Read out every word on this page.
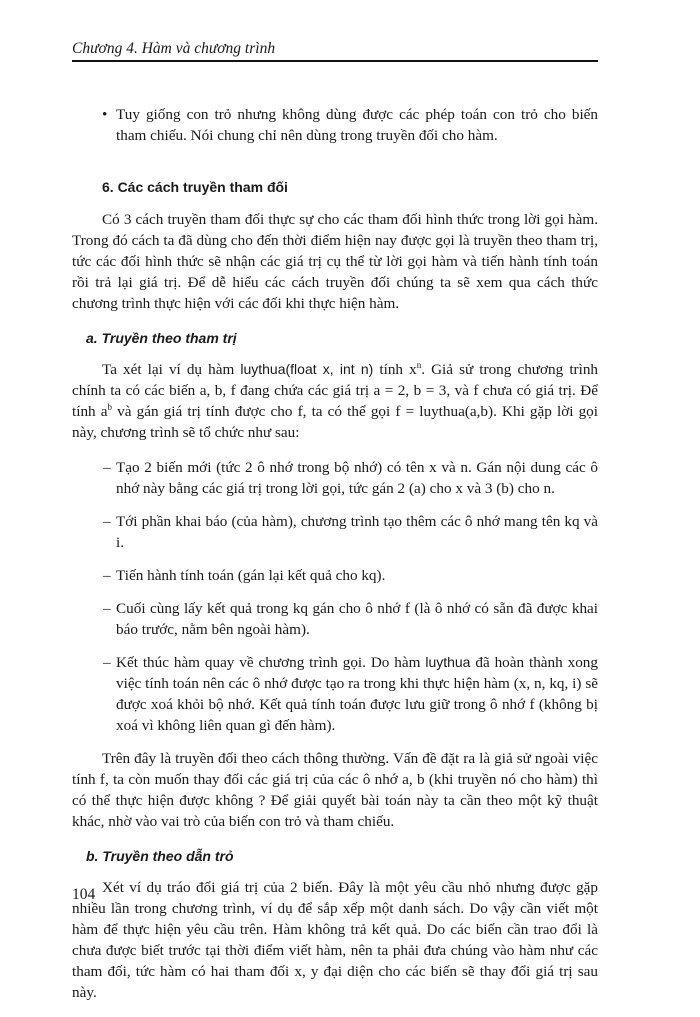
Chương 4. Hàm và chương trình
• Tuy giống con trỏ nhưng không dùng được các phép toán con trỏ cho biến tham chiếu. Nói chung chỉ nên dùng trong truyền đối cho hàm.

6. Các cách truyền tham đối

Có 3 cách truyền tham đối thực sự cho các tham đối hình thức trong lời gọi hàm. Trong đó cách ta đã dùng cho đến thời điểm hiện nay được gọi là truyền theo tham trị, tức các đối hình thức sẽ nhận các giá trị cụ thể từ lời gọi hàm và tiến hành tính toán rồi trả lại giá trị. Để dễ hiểu các cách truyền đối chúng ta sẽ xem qua cách thức chương trình thực hiện với các đối khi thực hiện hàm.

a. Truyền theo tham trị

Ta xét lại ví dụ hàm luythua(float x, int n) tính $x^n$. Giả sử trong chương trình chính ta có các biến a, b, f đang chứa các giá trị a = 2, b = 3, và f chưa có giá trị. Để tính $a^b$ và gán giá trị tính được cho f, ta có thể gọi f = luythua(a,b). Khi gặp lời gọi này, chương trình sẽ tổ chức như sau:

– Tạo 2 biến mới (tức 2 ô nhớ trong bộ nhớ) có tên x và n. Gán nội dung các ô nhớ này bằng các giá trị trong lời gọi, tức gán 2 (a) cho x và 3 (b) cho n.
– Tới phần khai báo (của hàm), chương trình tạo thêm các ô nhớ mang tên kq và i.
– Tiến hành tính toán (gán lại kết quả cho kq).
– Cuối cùng lấy kết quả trong kq gán cho ô nhớ f (là ô nhớ có sẵn đã được khai báo trước, nằm bên ngoài hàm).
– Kết thúc hàm quay về chương trình gọi. Do hàm luythua đã hoàn thành xong việc tính toán nên các ô nhớ được tạo ra trong khi thực hiện hàm (x, n, kq, i) sẽ được xoá khỏi bộ nhớ. Kết quả tính toán được lưu giữ trong ô nhớ f (không bị xoá vì không liên quan gì đến hàm).

Trên đây là truyền đối theo cách thông thường. Vấn đề đặt ra là giả sử ngoài việc tính f, ta còn muốn thay đối các giá trị của các ô nhớ a, b (khi truyền nó cho hàm) thì có thể thực hiện được không ? Để giải quyết bài toán này ta cần theo một kỹ thuật khác, nhờ vào vai trò của biến con trỏ và tham chiếu.

b. Truyền theo dẫn trỏ

Xét ví dụ tráo đổi giá trị của 2 biến. Đây là một yêu cầu nhỏ nhưng được gặp nhiều lần trong chương trình, ví dụ để sắp xếp một danh sách. Do vậy cần viết một hàm để thực hiện yêu cầu trên. Hàm không trả kết quả. Do các biến cần trao đổi là chưa được biết trước tại thời điểm viết hàm, nên ta phải đưa chúng vào hàm như các tham đối, tức hàm có hai tham đối x, y đại diện cho các biến sẽ thay đổi giá trị sau này.

104
